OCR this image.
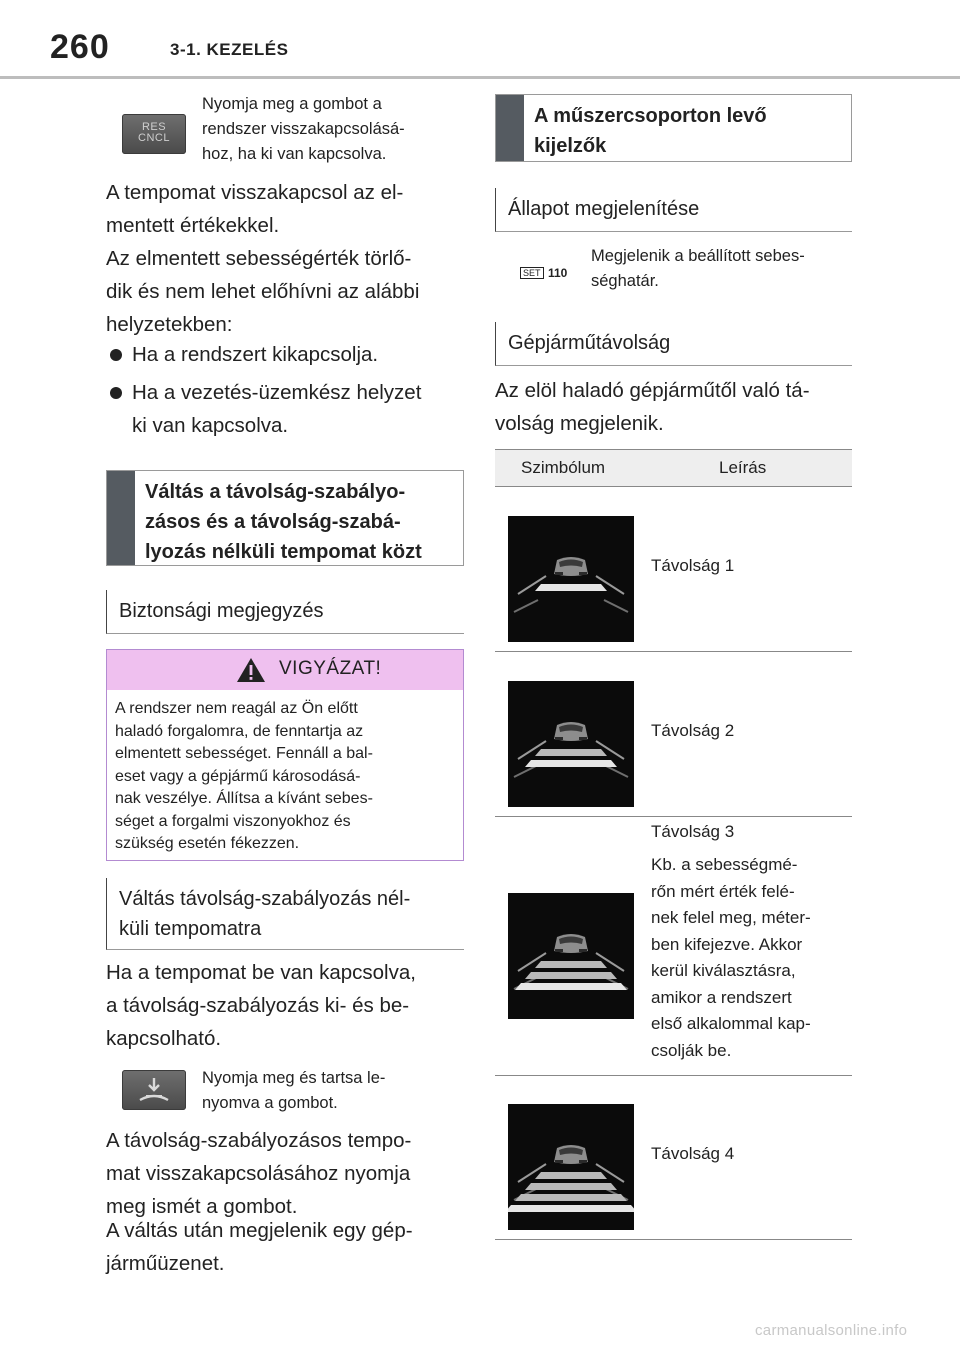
260	3-1. KEZELÉS
RES
CNCL
Nyomja meg a gombot a
rendszer visszakapcsolásá-
hoz, ha ki van kapcsolva.
A tempomat visszakapcsol az el-
mentett értékekkel.
Az elmentett sebességérték törlő-
dik és nem lehet előhívni az alábbi
helyzetekben:
Ha a rendszert kikapcsolja.
Ha a vezetés-üzemkész helyzet
ki van kapcsolva.
Váltás a távolság-szabályo-
zásos és a távolság-szabá-
lyozás nélküli tempomat közt
Biztonsági megjegyzés
VIGYÁZAT!
A rendszer nem reagál az Ön előtt
haladó forgalomra, de fenntartja az
elmentett sebességet. Fennáll a bal-
eset vagy a gépjármű károsodásá-
nak veszélye. Állítsa a kívánt sebes-
séget a forgalmi viszonyokhoz és
szükség esetén fékezzen.
Váltás távolság-szabályozás nél-
küli tempomatra
Ha a tempomat be van kapcsolva,
a távolság-szabályozás ki- és be-
kapcsolható.
Nyomja meg és tartsa le-
nyomva a gombot.
A távolság-szabályozásos tempo-
mat visszakapcsolásához nyomja
meg ismét a gombot.
A váltás után megjelenik egy gép-
járműüzenet.
A műszercsoporton levő
kijelzők
Állapot megjelenítése
SET 110
Megjelenik a beállított sebes-
séghatár.
Gépjárműtávolság
Az elöl haladó gépjárműtől való tá-
volság megjelenik.
Szimbólum	Leírás
Távolság 1
Távolság 2
Távolság 3
Kb. a sebességmé-
rőn mért érték felé-
nek felel meg, méter-
ben kifejezve. Akkor
kerül kiválasztásra,
amikor a rendszert
első alkalommal kap-
csolják be.
Távolság 4
carmanualsonline.info
